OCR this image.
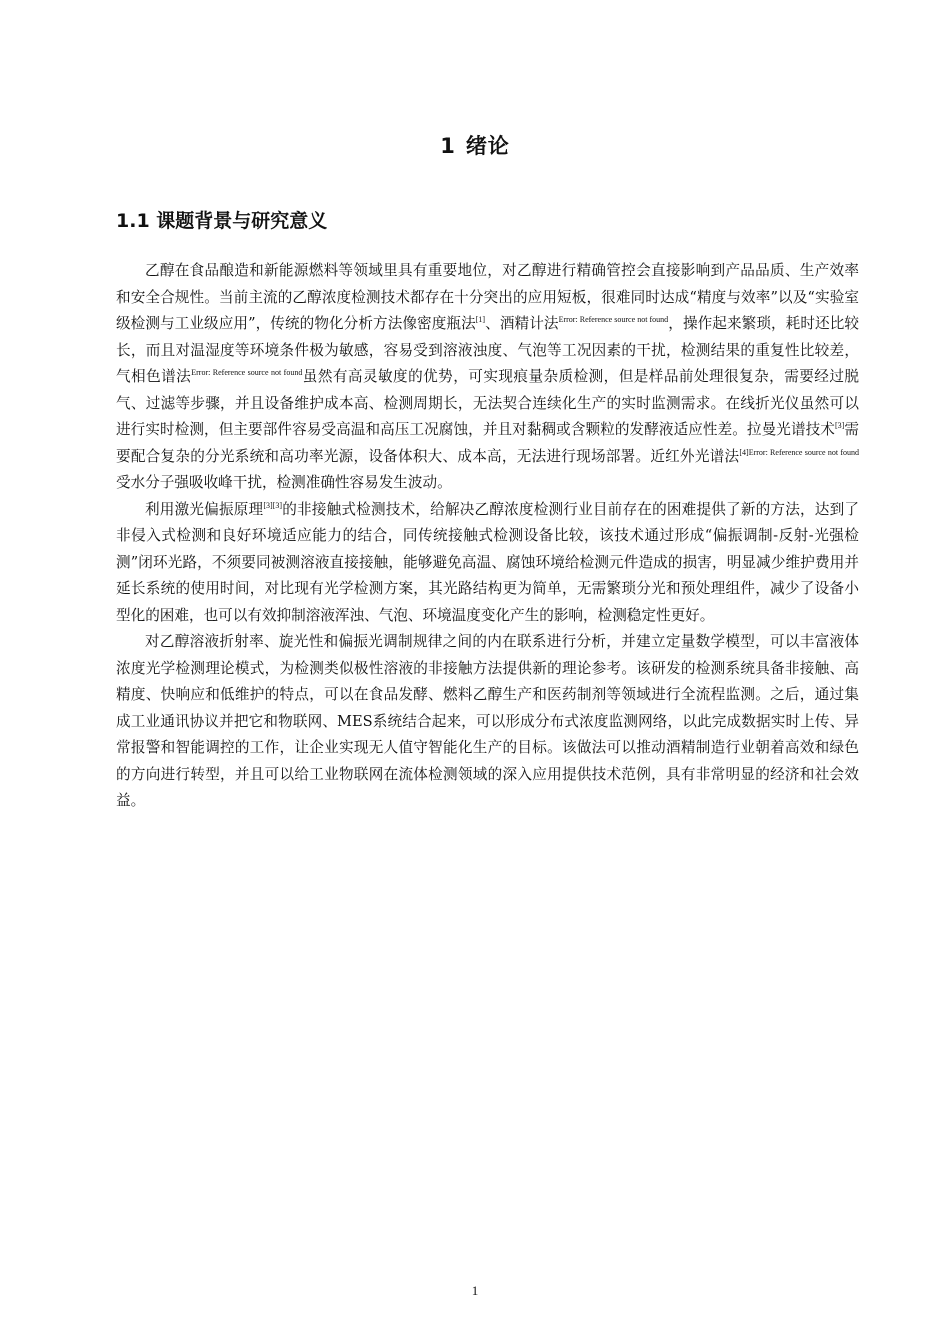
1 绪论
1.1 课题背景与研究意义

乙醇在食品酿造和新能源燃料等领域里具有重要地位，对乙醇进行精确管控会直接影响到产品品质、生产效率和安全合规性。当前主流的乙醇浓度检测技术都存在十分突出的应用短板，很难同时达成“精度与效率”以及“实验室级检测与工业级应用”，传统的物化分析方法像密度瓶法[1]、酒精计法$^{Error: Reference source not found}$，操作起来繁琐，耗时还比较长，而且对温湿度等环境条件极为敏感，容易受到溶液浊度、气泡等工况因素的干扰，检测结果的重复性比较差，气相色谱法$^{Error: Reference source not found}$虽然有高灵敏度的优势，可实现痕量杂质检测，但是样品前处理很复杂，需要经过脱气、过滤等步骤，并且设备维护成本高、检测周期长，无法契合连续化生产的实时监测需求。在线折光仪虽然可以进行实时检测，但主要部件容易受高温和高压工况腐蚀，并且对黏稠或含颗粒的发酵液适应性差。拉曼光谱技术[3]需要配合复杂的分光系统和高功率光源，设备体积大、成本高，无法进行现场部署。近红外光谱法$^{[4]Error: Reference source not found}$受水分子强吸收峰干扰，检测准确性容易发生波动。

利用激光偏振原理[3][3]的非接触式检测技术，给解决乙醇浓度检测行业目前存在的困难提供了新的方法，达到了非侵入式检测和良好环境适应能力的结合，同传统接触式检测设备比较，该技术通过形成“偏振调制-反射-光强检测”闭环光路，不须要同被测溶液直接接触，能够避免高温、腐蚀环境给检测元件造成的损害，明显减少维护费用并延长系统的使用时间，对比现有光学检测方案，其光路结构更为简单，无需繁琐分光和预处理组件，减少了设备小型化的困难，也可以有效抑制溶液浑浊、气泡、环境温度变化产生的影响，检测稳定性更好。

对乙醇溶液折射率、旋光性和偏振光调制规律之间的内在联系进行分析，并建立定量数学模型，可以丰富液体浓度光学检测理论模式，为检测类似极性溶液的非接触方法提供新的理论参考。该研发的检测系统具备非接触、高精度、快响应和低维护的特点，可以在食品发酵、燃料乙醇生产和医药制剂等领域进行全流程监测。之后，通过集成工业通讯协议并把它和物联网、MES系统结合起来，可以形成分布式浓度监测网络，以此完成数据实时上传、异常报警和智能调控的工作，让企业实现无人值守智能化生产的目标。该做法可以推动酒精制造行业朝着高效和绿色的方向进行转型，并且可以给工业物联网在流体检测领域的深入应用提供技术范例，具有非常明显的经济和社会效益。

1
